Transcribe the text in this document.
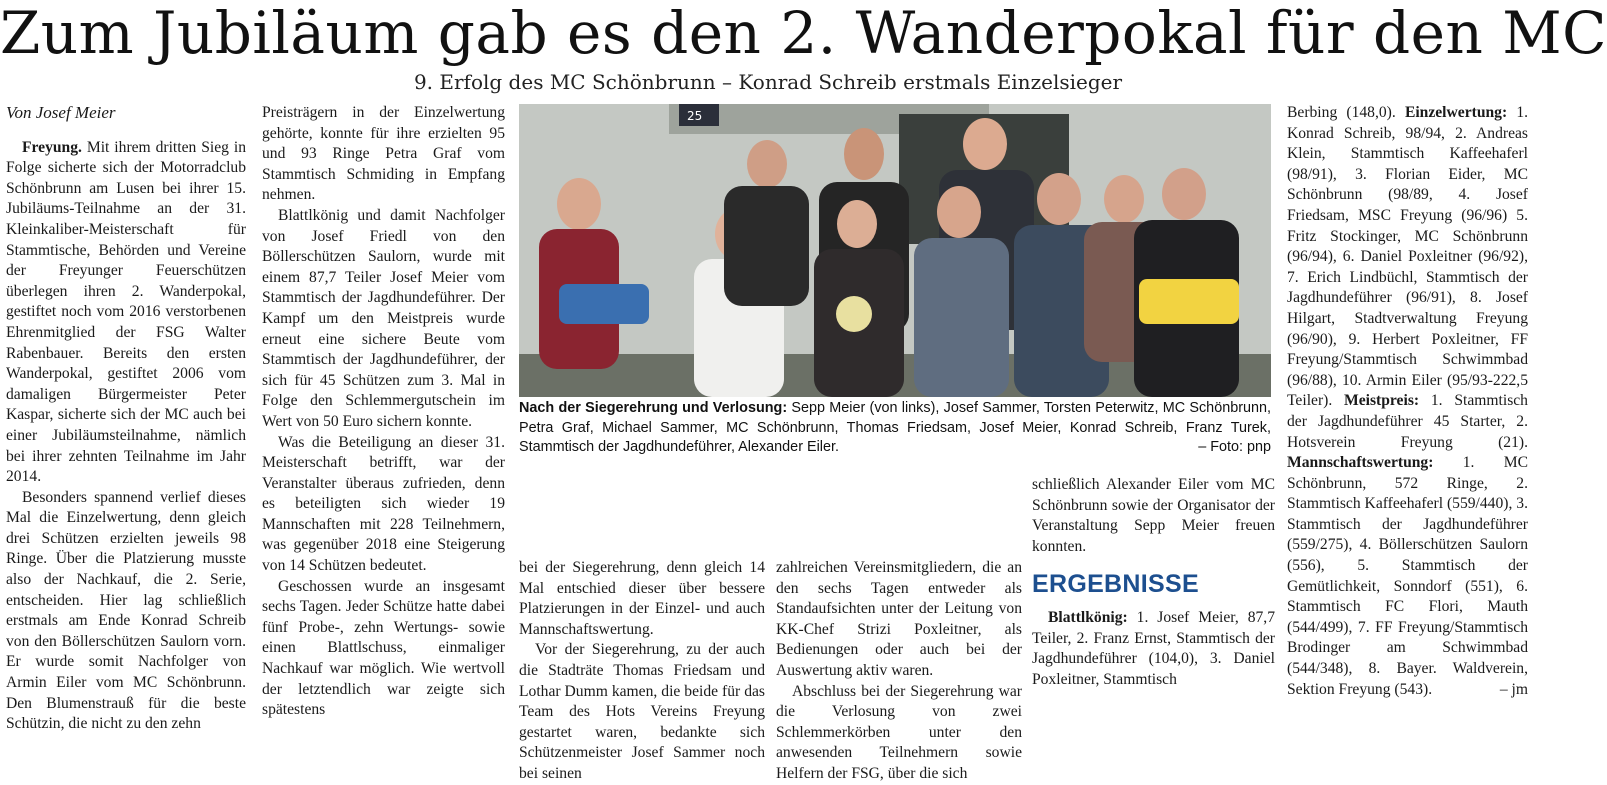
Zum Jubiläum gab es den 2. Wanderpokal für den MC
9. Erfolg des MC Schönbrunn – Konrad Schreib erstmals Einzelsieger
Von Josef Meier

Freyung. Mit ihrem dritten Sieg in Folge sicherte sich der Motorradclub Schönbrunn am Lusen bei ihrer 15. Jubiläums-Teilnahme an der 31. Kleinkaliber-Meisterschaft für Stammtische, Behörden und Vereine der Freyunger Feuerschützen überlegen ihren 2. Wanderpokal, gestiftet noch vom 2016 verstorbenen Ehrenmitglied der FSG Walter Rabenbauer. Bereits den ersten Wanderpokal, gestiftet 2006 vom damaligen Bürgermeister Peter Kaspar, sicherte sich der MC auch bei einer Jubiläumsteilnahme, nämlich bei ihrer zehnten Teilnahme im Jahr 2014.

Besonders spannend verlief dieses Mal die Einzelwertung, denn gleich drei Schützen erzielten jeweils 98 Ringe. Über die Platzierung musste also der Nachkauf, die 2. Serie, entscheiden. Hier lag schließlich erstmals am Ende Konrad Schreib von den Böllerschützen Saulorn vorn. Er wurde somit Nachfolger von Armin Eiler vom MC Schönbrunn. Den Blumenstrauß für die beste Schützin, die nicht zu den zehn

Preisträgern in der Einzelwertung gehörte, konnte für ihre erzielten 95 und 93 Ringe Petra Graf vom Stammtisch Schmiding in Empfang nehmen.

Blattlkönig und damit Nachfolger von Josef Friedl von den Böllerschützen Saulorn, wurde mit einem 87,7 Teiler Josef Meier vom Stammtisch der Jagdhundeführer. Der Kampf um den Meistpreis wurde erneut eine sichere Beute vom Stammtisch der Jagdhundeführer, der sich für 45 Schützen zum 3. Mal in Folge den Schlemmergutschein im Wert von 50 Euro sichern konnte.

Was die Beteiligung an dieser 31. Meisterschaft betrifft, war der Veranstalter überaus zufrieden, denn es beteiligten sich wieder 19 Mannschaften mit 228 Teilnehmern, was gegenüber 2018 eine Steigerung von 14 Schützen bedeutet.

Geschossen wurde an insgesamt sechs Tagen. Jeder Schütze hatte dabei fünf Probe-, zehn Wertungs- sowie einen Blattlschuss, einmaliger Nachkauf war möglich. Wie wertvoll der letztendlich war zeigte sich spätestens

25
Nach der Siegerehrung und Verlosung: Sepp Meier (von links), Josef Sammer, Torsten Peterwitz, MC Schönbrunn, Petra Graf, Michael Sammer, MC Schönbrunn, Thomas Friedsam, Josef Meier, Konrad Schreib, Franz Turek, Stammtisch der Jagdhundeführer, Alexander Eiler.	– Foto: pnp

bei der Siegerehrung, denn gleich 14 Mal entschied dieser über bessere Platzierungen in der Einzel- und auch Mannschaftswertung.

Vor der Siegerehrung, zu der auch die Stadträte Thomas Friedsam und Lothar Dumm kamen, die beide für das Team des Hots Vereins Freyung gestartet waren, bedankte sich Schützenmeister Josef Sammer noch bei seinen

zahlreichen Vereinsmitgliedern, die an den sechs Tagen entweder als Standaufsichten unter der Leitung von KK-Chef Strizi Poxleitner, als Bedienungen oder auch bei der Auswertung aktiv waren.

Abschluss bei der Siegerehrung war die Verlosung von zwei Schlemmerkörben unter den anwesenden Teilnehmern sowie Helfern der FSG, über die sich

schließlich Alexander Eiler vom MC Schönbrunn sowie der Organisator der Veranstaltung Sepp Meier freuen konnten.

ERGEBNISSE

Blattlkönig: 1. Josef Meier, 87,7 Teiler, 2. Franz Ernst, Stammtisch der Jagdhundeführer (104,0), 3. Daniel Poxleitner, Stammtisch

Berbing (148,0). Einzelwertung: 1. Konrad Schreib, 98/94, 2. Andreas Klein, Stammtisch Kaffeehaferl (98/91), 3. Florian Eider, MC Schönbrunn (98/89, 4. Josef Friedsam, MSC Freyung (96/96) 5. Fritz Stockinger, MC Schönbrunn (96/94), 6. Daniel Poxleitner (96/92), 7. Erich Lindbüchl, Stammtisch der Jagdhundeführer (96/91), 8. Josef Hilgart, Stadtverwaltung Freyung (96/90), 9. Herbert Poxleitner, FF Freyung/Stammtisch Schwimmbad (96/88), 10. Armin Eiler (95/93-222,5 Teiler). Meistpreis: 1. Stammtisch der Jagdhundeführer 45 Starter, 2. Hotsverein Freyung (21). Mannschaftswertung: 1. MC Schönbrunn, 572 Ringe, 2. Stammtisch Kaffeehaferl (559/440), 3. Stammtisch der Jagdhundeführer (559/275), 4. Böllerschützen Saulorn (556), 5. Stammtisch der Gemütlichkeit, Sonndorf (551), 6. Stammtisch FC Flori, Mauth (544/499), 7. FF Freyung/Stammtisch Brodinger am Schwimmbad (544/348), 8. Bayer. Waldverein, Sektion Freyung (543).	– jm
